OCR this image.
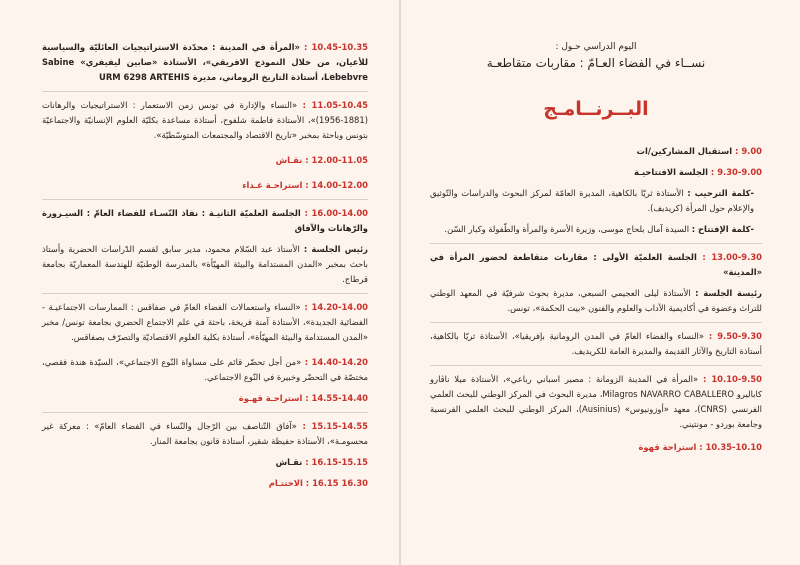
10.45-10.35 : «المرأة في المدينة : محدّدة الاستراتيجيات العائليّة والسياسية للأعيان، من خلال النموذج الافريقي»، الأستاذة «صابين ليفيفري» Sabine Lebebvre، أستاذة التاريخ الروماني، مديرة URM 6298 ARTEHIS

11.05-10.45 : «النساء والإدارة في تونس زمن الاستعمار : الاستراتيجيات والرهانات (1881-1956)»، الأستاذة فاطمة شلفوح، أستاذة مساعدة بكليّة العلوم الإنسانيّة والاجتماعيّة بتونس وباحثة بمخبر «تاريخ الاقتصاد والمجتمعات المتوسّطيّة».

12.00-11.05 : نقـاش

14.00-12.00 : استراحـة غـداء

16.00-14.00 : الجلسة العلميّة الثانيـة : نفاذ النّسـاء للفضاء العامّ : السيـرورة والرّهانات والآفاق

رئيس الجلسة : الأستاذ عبد السّلام محمود، مدير سابق لقسم الدّراسات الحضرية وأستاذ باحث بمخبر «المدن المستدامة والبيئة المهيّأة» بالمدرسة الوطنيّة للهندسة المعماريّة بجامعة قرطاج.

14.20-14.00 : «النساء واستعمالات الفضاء العامّ في صفاقس : الممارسات الاجتماعيـة - الفضائية الجديدة»، الأستاذة آمنة فريخة، باحثة في علم الاجتماع الحضري بجامعة تونس/ مخبر «المدن المستدامة والبيئة المهيّأة»، أستاذة بكلية العلوم الاقتصاديّة والتصرّف بصفاقس.

14.40-14.20 : «من أجل تحضّر قائم على مساواة النّوع الاجتماعي»، السيّدة هندة فقصي، مختصّة في التحضّر وخبيرة في النّوع الاجتماعي.

14.55-14.40 : استراحـة قهـوة

15.15-14.55 : «آفاق التّناصف بين الرّجال والنّساء في الفضاء العامّ» : معركة غير محسومـة»، الأستاذة حفيظة شقير، أستاذة قانون بجامعة المنار.

16.15-15.15 : نقـاش

16.30 16.15 : الاختتـام

اليوم الدراسي حـول :

نســاء في الفضاء العـامّ : مقاربات متقاطعـة

البــرنــامـج

9.00 : استقبال المشاركين/ات

9.30-9.00 : الجلسة الافتتاحيـة

-كلمة الترحيب : الأستاذة ثريّا بالكاهية، المديرة العامّة لمركز البحوث والدراسات والتّوثيق والإعلام حول المرأة (كريديف).

-كلمة الإفتتاح : السيدة آمال بلحاج موسى، وزيرة الأسرة والمرأة والطّفولة وكبار السّن.

13.00-9.30 : الجلسة العلميّة الأولى : مقاربات متقاطعة لحضور المرأة في «المدينة»

رئيسة الجلسة : الأستاذة ليلى العجيمي السبعي، مديرة بحوث شرفيّة في المعهد الوطني للتراث وعضوة في أكاديمية الآداب والعلوم والفنون «بيت الحكمة»، تونس.

9.50-9.30 : «النساء والفضاء العامّ في المدن الرومانية بإفريقيا»، الأستاذة ثريّا بالكاهية، أستاذة التاريخ والآثار القديمة والمديرة العامة للكريديف.

10.10-9.50 : «المرأة في المدينة الزومانة : مصير اسباني رباعي»، الأستاذة ميلا ناڤارو كاباليرو Milagros NAVARRO CABALLERO، مديرة البحوث في المركز الوطني للبحث العلمي الفرنسي (CNRS)، معهد «أوزونيوس» (Ausinius)، المركز الوطني للبحث العلمي الفرنسية وجامعة بوردو - مونتيني.

10.35-10.10 : استراحة قهوة
